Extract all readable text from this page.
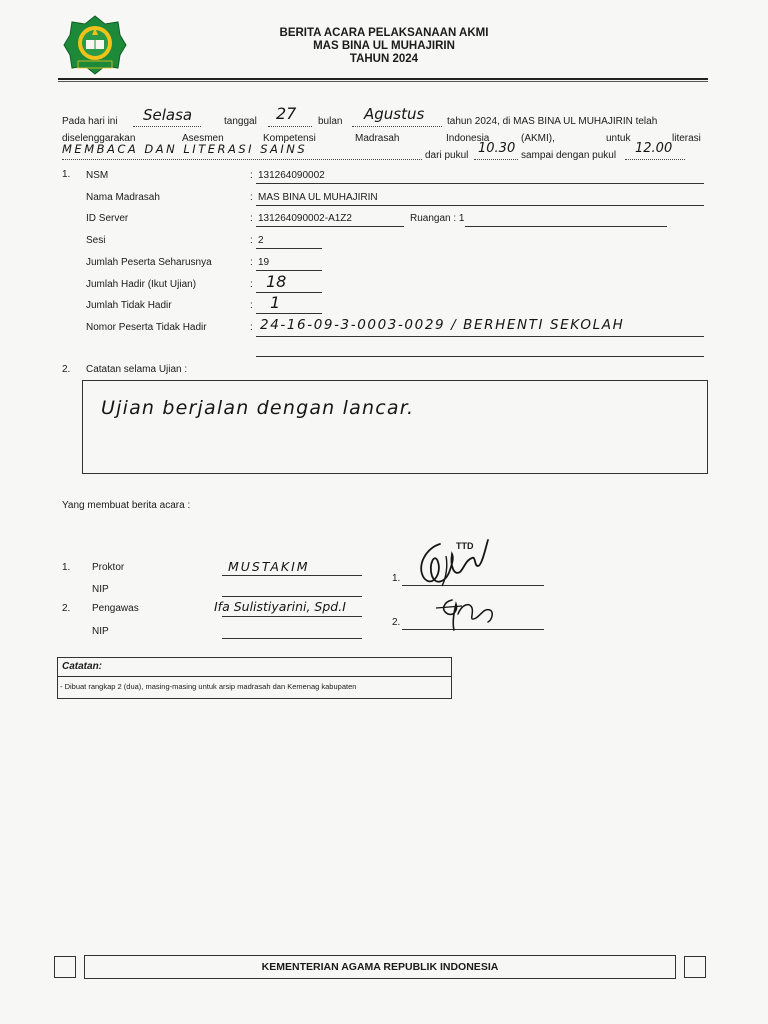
BERITA ACARA PELAKSANAAN AKMI
MAS BINA UL MUHAJIRIN
TAHUN 2024
Pada hari ini Selasa	tanggal 27 bulan Agustus tahun 2024, di MAS BINA UL MUHAJIRIN telah
diselenggarakan	Asesmen	Kompetensi	Madrasah	Indonesia	(AKMI),	untuk	literasi
MEMBACA DAN LITERASI SAINS	dari pukul 10.30 sampai dengan pukul 12.00
1. NSM	: 131264090002
Nama Madrasah	: MAS BINA UL MUHAJIRIN
ID Server	: 131264090002-A1Z2	Ruangan : 1
Sesi	: 2
Jumlah Peserta Seharusnya	: 19
Jumlah Hadir (Ikut Ujian)	: 18
Jumlah Tidak Hadir	: 1
Nomor Peserta Tidak Hadir	: 24-16-09-3-0003-0029 / BERHENTI SEKOLAH
2. Catatan selama Ujian :
Ujian berjalan dengan lancar.
Yang membuat berita acara :
1. Proktor	MUSTAKIM
NIP
2. Pengawas	Ifa Sulistiyarini, Spd.I
NIP
TTD
1.
2.
Catatan:
- Dibuat rangkap 2 (dua), masing-masing untuk arsip madrasah dan Kemenag kabupaten
KEMENTERIAN AGAMA REPUBLIK INDONESIA
